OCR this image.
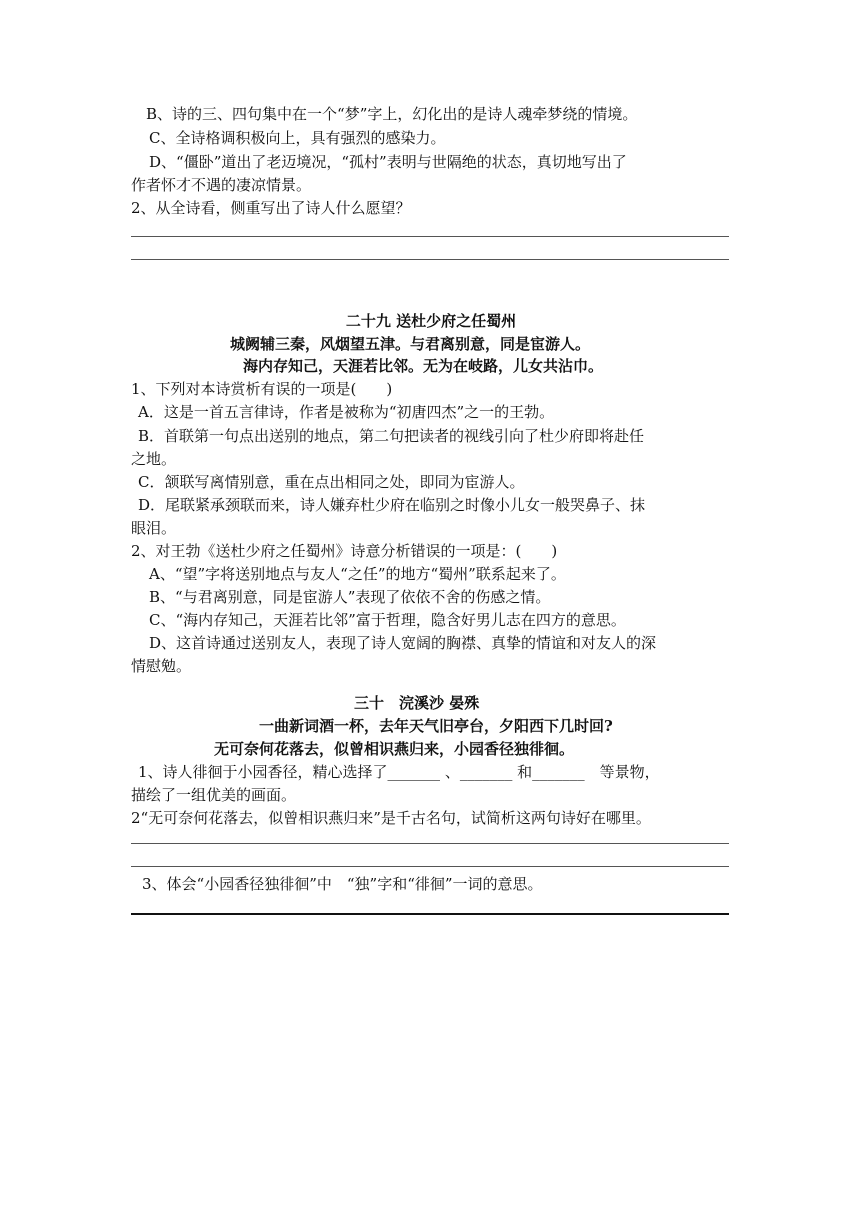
B、诗的三、四句集中在一个“梦”字上，幻化出的是诗人魂牵梦绕的情境。
C、全诗格调积极向上，具有强烈的感染力。
D、“僵卧”道出了老迈境况，“孤村”表明与世隔绝的状态，真切地写出了
作者怀才不遇的凄凉情景。
2、从全诗看，侧重写出了诗人什么愿望？
二十九 送杜少府之任蜀州
城阙辅三秦，风烟望五津。与君离别意，同是宦游人。
海内存知己，天涯若比邻。无为在岐路，儿女共沾巾。
1、下列对本诗赏析有误的一项是(　　)
A．这是一首五言律诗，作者是被称为“初唐四杰”之一的王勃。
B．首联第一句点出送别的地点，第二句把读者的视线引向了杜少府即将赴任
之地。
C．颔联写离情别意，重在点出相同之处，即同为宦游人。
D．尾联紧承颈联而来，诗人嫌弃杜少府在临别之时像小儿女一般哭鼻子、抹
眼泪。
2、对王勃《送杜少府之任蜀州》诗意分析错误的一项是：(　　)
A、“望”字将送别地点与友人“之任”的地方“蜀州”联系起来了。
B、“与君离别意，同是宦游人”表现了依依不舍的伤感之情。
C、“海内存知己，天涯若比邻”富于哲理，隐含好男儿志在四方的意思。
D、这首诗通过送别友人，表现了诗人宽阔的胸襟、真挚的情谊和对友人的深
情慰勉。
三十　浣溪沙 晏殊
一曲新词酒一杯，去年天气旧亭台，夕阳西下几时回?
无可奈何花落去，似曾相识燕归来，小园香径独徘徊。
1、诗人徘徊于小园香径，精心选择了_______ 、_______ 和_______　等景物，
描绘了一组优美的画面。
2“无可奈何花落去，似曾相识燕归来”是千古名句，试简析这两句诗好在哪里。
3、体会“小园香径独徘徊”中　“独”字和“徘徊”一词的意思。
